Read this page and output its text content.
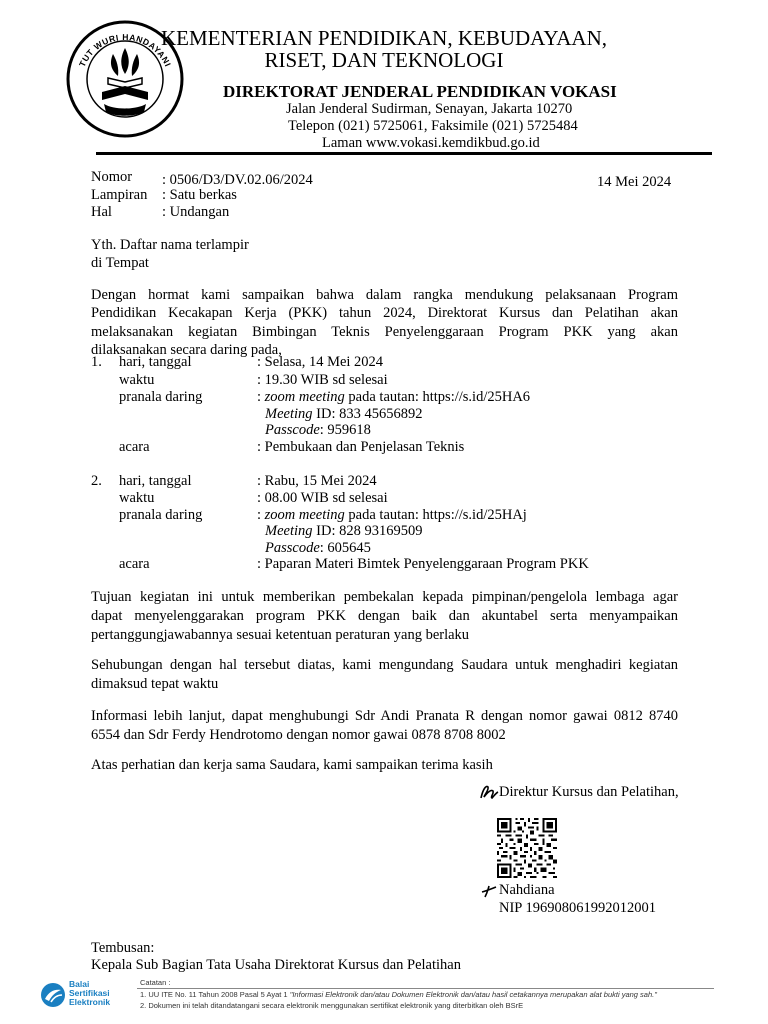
TUT WURI HANDAYANI
KEMENTERIAN PENDIDIKAN, KEBUDAYAAN,
RISET, DAN TEKNOLOGI
DIREKTORAT JENDERAL PENDIDIKAN VOKASI
Jalan Jenderal Sudirman, Senayan, Jakarta 10270
Telepon (021) 5725061, Faksimile (021) 5725484
Laman www.vokasi.kemdikbud.go.id
Nomor : 0506/D3/DV.02.06/2024	14 Mei 2024
Lampiran : Satu berkas
Hal	: Undangan
Yth. Daftar nama terlampir
di Tempat
Dengan hormat kami sampaikan bahwa dalam rangka mendukung pelaksanaan Program
Pendidikan Kecakapan Kerja (PKK) tahun 2024, Direktorat Kursus dan Pelatihan akan
melaksanakan kegiatan Bimbingan Teknis Penyelenggaraan Program PKK yang akan
dilaksanakan secara daring pada,
1. hari, tanggal	: Selasa, 14 Mei 2024
waktu	: 19.30 WIB sd selesai
pranala daring	: zoom meeting pada tautan: https://s.id/25HA6
Meeting ID: 833 45656892
Passcode: 959618
acara	: Pembukaan dan Penjelasan Teknis
2. hari, tanggal	: Rabu, 15 Mei 2024
waktu	: 08.00 WIB sd selesai
pranala daring	: zoom meeting pada tautan: https://s.id/25HAj
Meeting ID: 828 93169509
Passcode: 605645
acara	: Paparan Materi Bimtek Penyelenggaraan Program PKK
Tujuan kegiatan ini untuk memberikan pembekalan kepada pimpinan/pengelola lembaga agar
dapat menyelenggarakan program PKK dengan baik dan akuntabel serta menyampaikan
pertanggungjawabannya sesuai ketentuan peraturan yang berlaku
Sehubungan dengan hal tersebut diatas, kami mengundang Saudara untuk menghadiri kegiatan
dimaksud tepat waktu
Informasi lebih lanjut, dapat menghubungi Sdr Andi Pranata R dengan nomor gawai 0812 8740
6554 dan Sdr Ferdy Hendrotomo dengan nomor gawai 0878 8708 8002
Atas perhatian dan kerja sama Saudara, kami sampaikan terima kasih
Direktur Kursus dan Pelatihan,
Nahdiana
NIP 196908061992012001
Tembusan:
Kepala Sub Bagian Tata Usaha Direktorat Kursus dan Pelatihan
Balai
Sertifikasi
Elektronik
Catatan :
1. UU ITE No. 11 Tahun 2008 Pasal 5 Ayat 1 "Informasi Elektronik dan/atau Dokumen Elektronik dan/atau hasil cetakannya merupakan alat bukti yang sah."
2. Dokumen ini telah ditandatangani secara elektronik menggunakan sertifikat elektronik yang diterbitkan oleh BSrE
